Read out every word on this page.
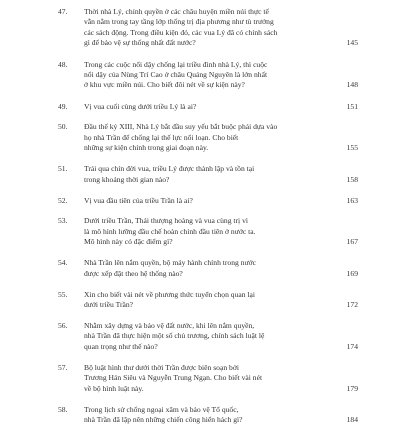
47.	Thời nhà Lý, chính quyền ở các châu huyện miền núi thực tế
vẫn nằm trong tay tầng lớp thống trị địa phương như tù trưởng
các sách động. Trong điều kiện đó, các vua Lý đã có chính sách
gì để bảo vệ sự thống nhất đất nước?	145
48.	Trong các cuộc nổi dậy chống lại triều đình nhà Lý, thì cuộc
nổi dậy của Nùng Trí Cao ở châu Quảng Nguyên là lớn nhất
ở khu vực miền núi. Cho biết đôi nét về sự kiện này?	148
49.	Vị vua cuối cùng dưới triều Lý là ai?	151
50.	Đầu thế kỷ XIII, Nhà Lý bắt đầu suy yếu bắt buộc phải dựa vào
họ nhà Trần để chống lại thế lực nổi loạn. Cho biết
những sự kiện chính trong giai đoạn này.	155
51.	Trải qua chín đời vua, triều Lý được thành lập và tồn tại
trong khoảng thời gian nào?	158
52.	Vị vua đầu tiên của triều Trần là ai?	163
53.	Dưới triều Trần, Thái thượng hoàng và vua cùng trị vì
là mô hình lưỡng đầu chế hoàn chỉnh đầu tiên ở nước ta.
Mô hình này có đặc điểm gì?	167
54.	Nhà Trần lên nắm quyền, bộ máy hành chính trong nước
được xếp đặt theo hệ thống nào?	169
55.	Xin cho biết vài nét về phương thức tuyển chọn quan lại
dưới triều Trần?	172
56.	Nhằm xây dựng và bảo vệ đất nước, khi lên nắm quyền,
nhà Trần đã thực hiện một số chủ trương, chính sách luật lệ
quan trọng như thế nào?	174
57.	Bộ luật hình thư dưới thời Trần được biên soạn bởi
Trương Hán Siêu và Nguyễn Trung Ngạn. Cho biết vài nét
về bộ hình luật này.	179
58.	Trong lịch sử chống ngoại xâm và bảo vệ Tổ quốc,
nhà Trần đã lập nên những chiến công hiển hách gì?	184
